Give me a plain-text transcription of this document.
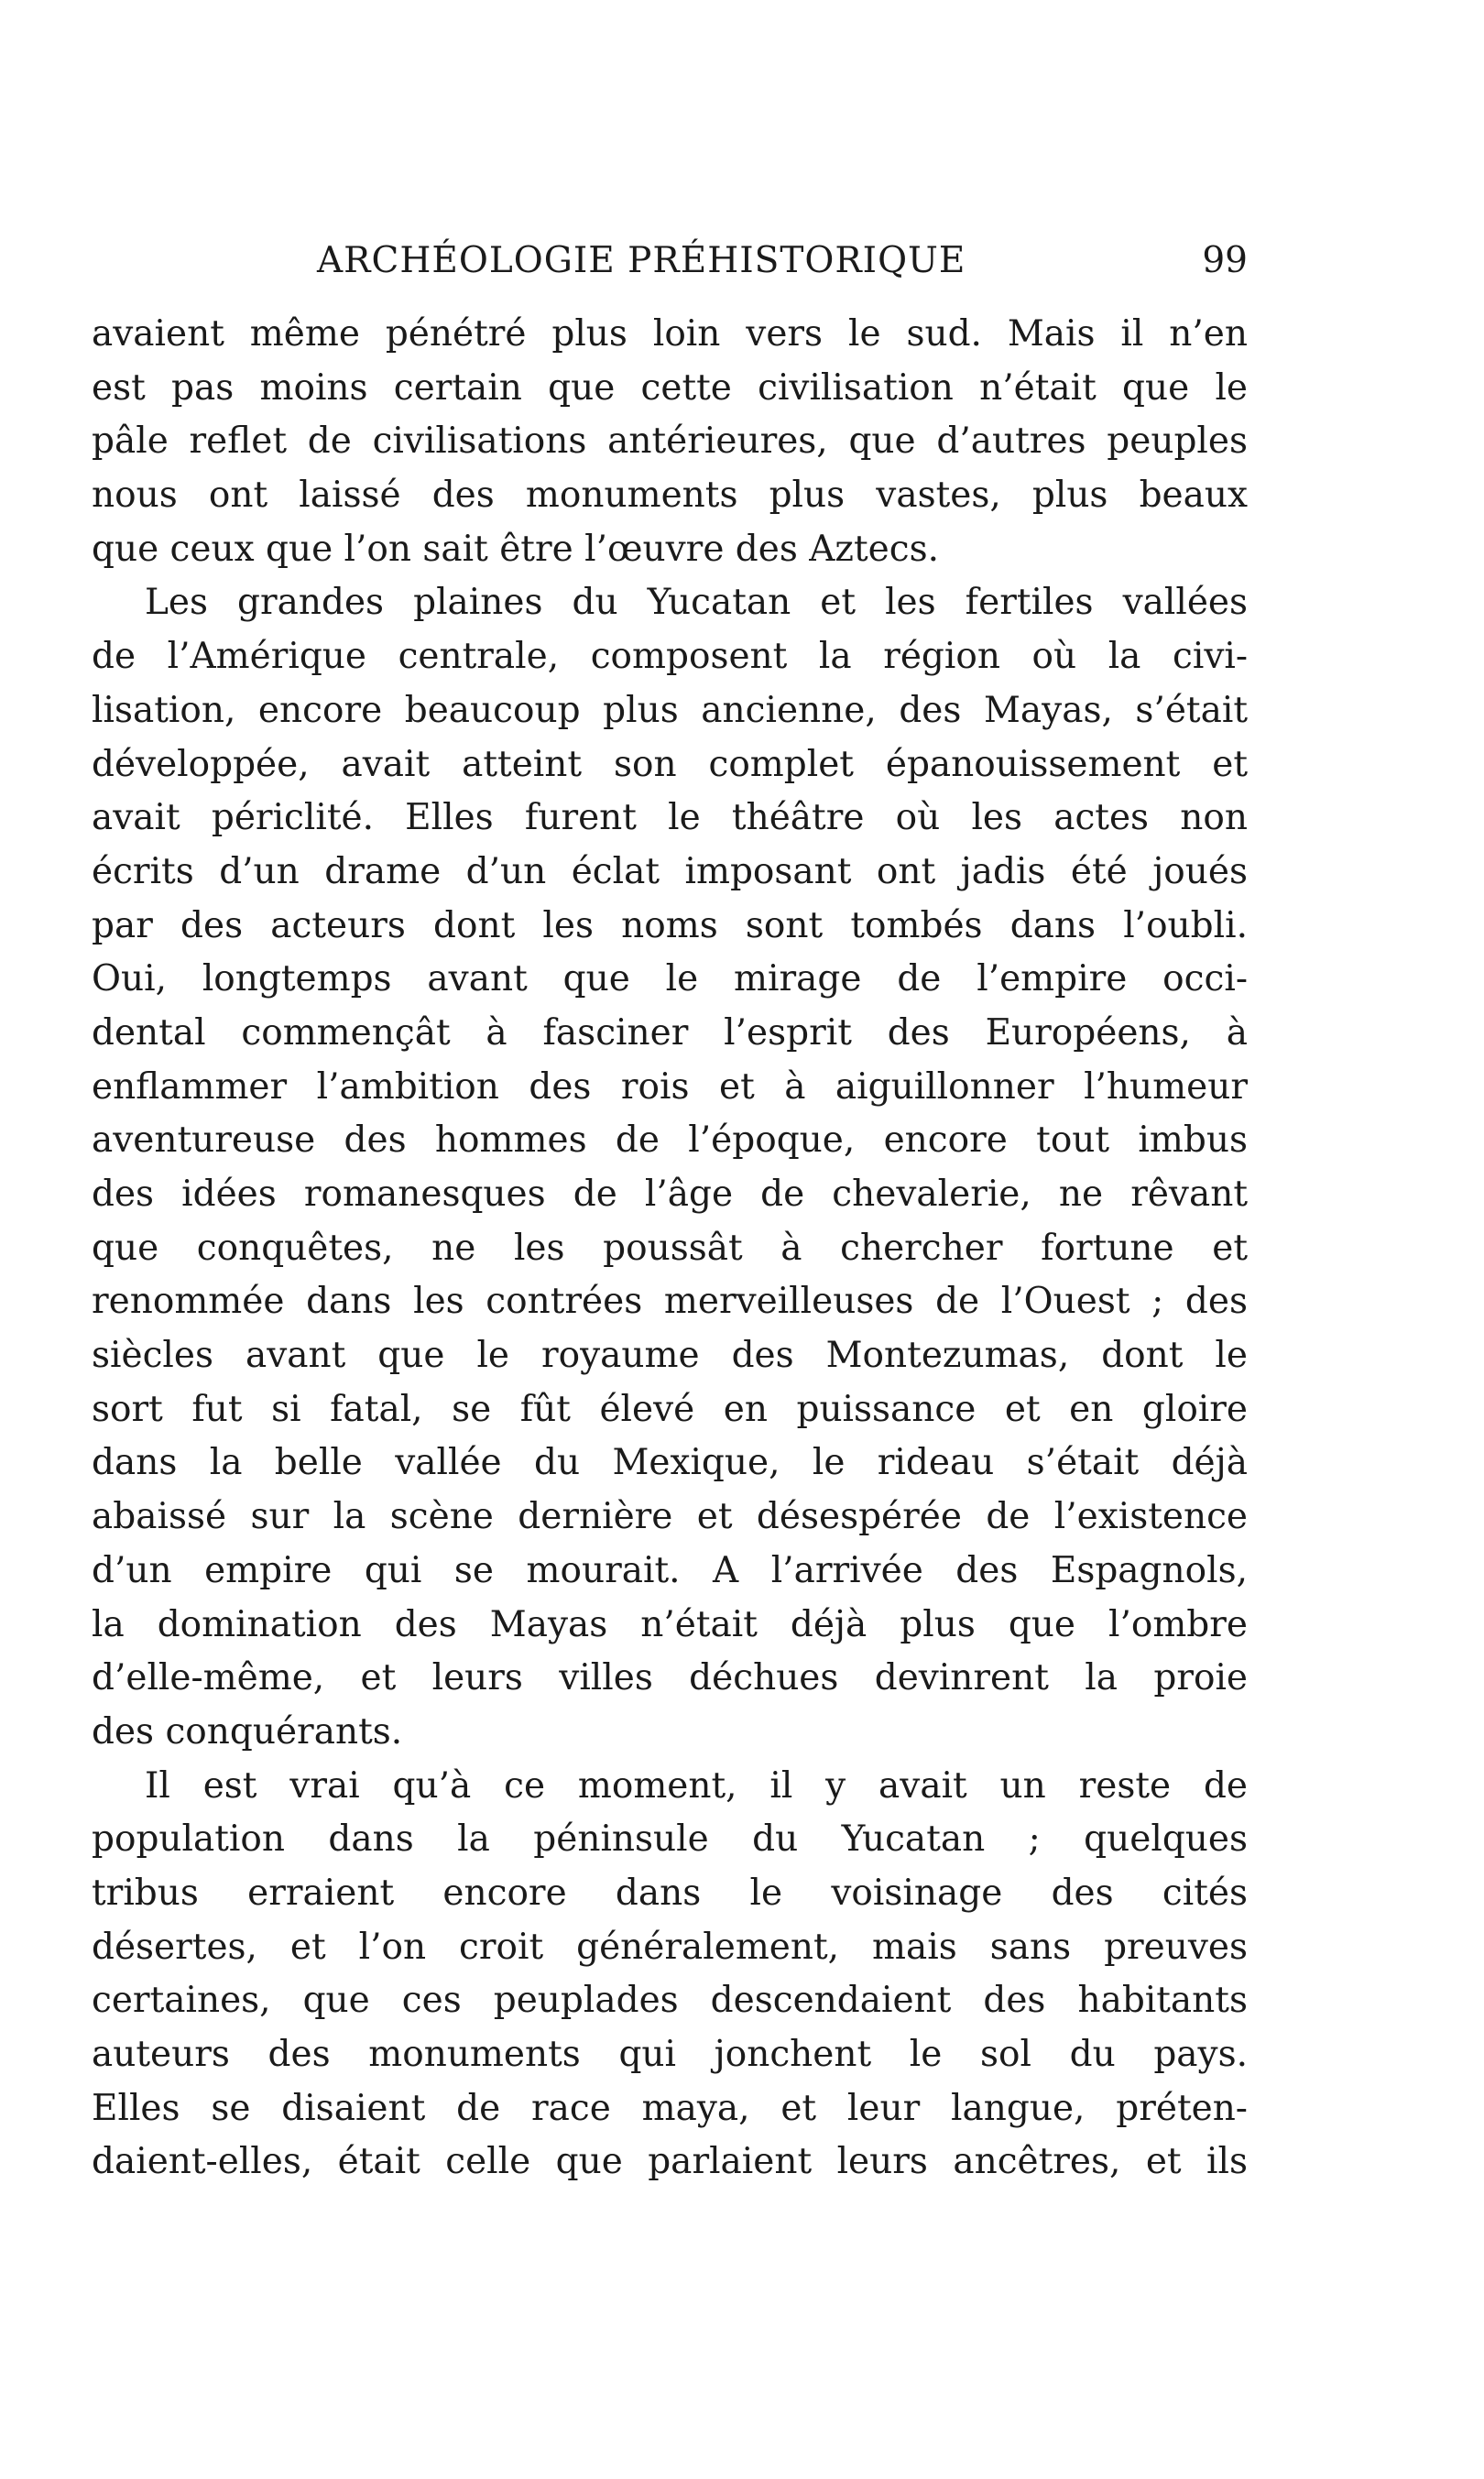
ARCHÉOLOGIE PRÉHISTORIQUE	99
avaient même pénétré plus loin vers le sud. Mais il n’en
est pas moins certain que cette civilisation n’était que le
pâle reflet de civilisations antérieures, que d’autres peuples
nous ont laissé des monuments plus vastes, plus beaux
que ceux que l’on sait être l’œuvre des Aztecs.
Les grandes plaines du Yucatan et les fertiles vallées
de l’Amérique centrale, composent la région où la civi-
lisation, encore beaucoup plus ancienne, des Mayas, s’était
développée, avait atteint son complet épanouissement et
avait périclité. Elles furent le théâtre où les actes non
écrits d’un drame d’un éclat imposant ont jadis été joués
par des acteurs dont les noms sont tombés dans l’oubli.
Oui, longtemps avant que le mirage de l’empire occi-
dental commençât à fasciner l’esprit des Européens, à
enflammer l’ambition des rois et à aiguillonner l’humeur
aventureuse des hommes de l’époque, encore tout imbus
des idées romanesques de l’âge de chevalerie, ne rêvant
que conquêtes, ne les poussât à chercher fortune et
renommée dans les contrées merveilleuses de l’Ouest ; des
siècles avant que le royaume des Montezumas, dont le
sort fut si fatal, se fût élevé en puissance et en gloire
dans la belle vallée du Mexique, le rideau s’était déjà
abaissé sur la scène dernière et désespérée de l’existence
d’un empire qui se mourait. A l’arrivée des Espagnols,
la domination des Mayas n’était déjà plus que l’ombre
d’elle-même, et leurs villes déchues devinrent la proie
des conquérants.
Il est vrai qu’à ce moment, il y avait un reste de
population dans la péninsule du Yucatan ; quelques
tribus erraient encore dans le voisinage des cités
désertes, et l’on croit généralement, mais sans preuves
certaines, que ces peuplades descendaient des habitants
auteurs des monuments qui jonchent le sol du pays.
Elles se disaient de race maya, et leur langue, préten-
daient-elles, était celle que parlaient leurs ancêtres, et ils
